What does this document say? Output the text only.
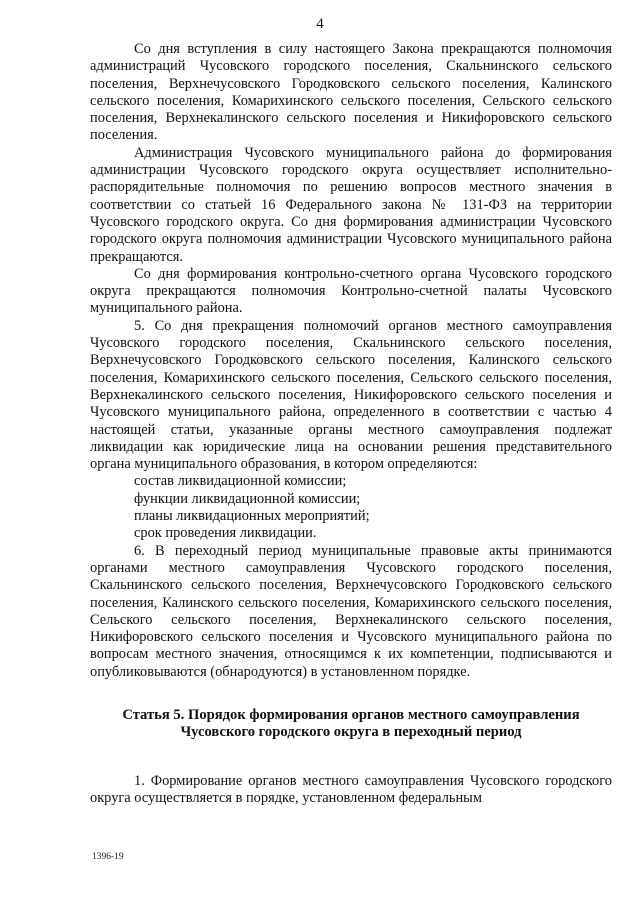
4

Со дня вступления в силу настоящего Закона прекращаются полномочия администраций Чусовского городского поселения, Скальнинского сельского поселения, Верхнечусовского Городковского сельского поселения, Калинского сельского поселения, Комарихинского сельского поселения, Сельского сельского поселения, Верхнекалинского сельского поселения и Никифоровского сельского поселения.

Администрация Чусовского муниципального района до формирования администрации Чусовского городского округа осуществляет исполнительно-распорядительные полномочия по решению вопросов местного значения в соответствии со статьей 16 Федерального закона № 131-ФЗ на территории Чусовского городского округа. Со дня формирования администрации Чусовского городского округа полномочия администрации Чусовского муниципального района прекращаются.

Со дня формирования контрольно-счетного органа Чусовского городского округа прекращаются полномочия Контрольно-счетной палаты Чусовского муниципального района.

5. Со дня прекращения полномочий органов местного самоуправления Чусовского городского поселения, Скальнинского сельского поселения, Верхнечусовского Городковского сельского поселения, Калинского сельского поселения, Комарихинского сельского поселения, Сельского сельского поселения, Верхнекалинского сельского поселения, Никифоровского сельского поселения и Чусовского муниципального района, определенного в соответствии с частью 4 настоящей статьи, указанные органы местного самоуправления подлежат ликвидации как юридические лица на основании решения представительного органа муниципального образования, в котором определяются:

состав ликвидационной комиссии;

функции ликвидационной комиссии;

планы ликвидационных мероприятий;

срок проведения ликвидации.

6. В переходный период муниципальные правовые акты принимаются органами местного самоуправления Чусовского городского поселения, Скальнинского сельского поселения, Верхнечусовского Городковского сельского поселения, Калинского сельского поселения, Комарихинского сельского поселения, Сельского сельского поселения, Верхнекалинского сельского поселения, Никифоровского сельского поселения и Чусовского муниципального района по вопросам местного значения, относящимся к их компетенции, подписываются и опубликовываются (обнародуются) в установленном порядке.

Статья 5. Порядок формирования органов местного самоуправления Чусовского городского округа в переходный период

1. Формирование органов местного самоуправления Чусовского городского округа осуществляется в порядке, установленном федеральным

1396-19
